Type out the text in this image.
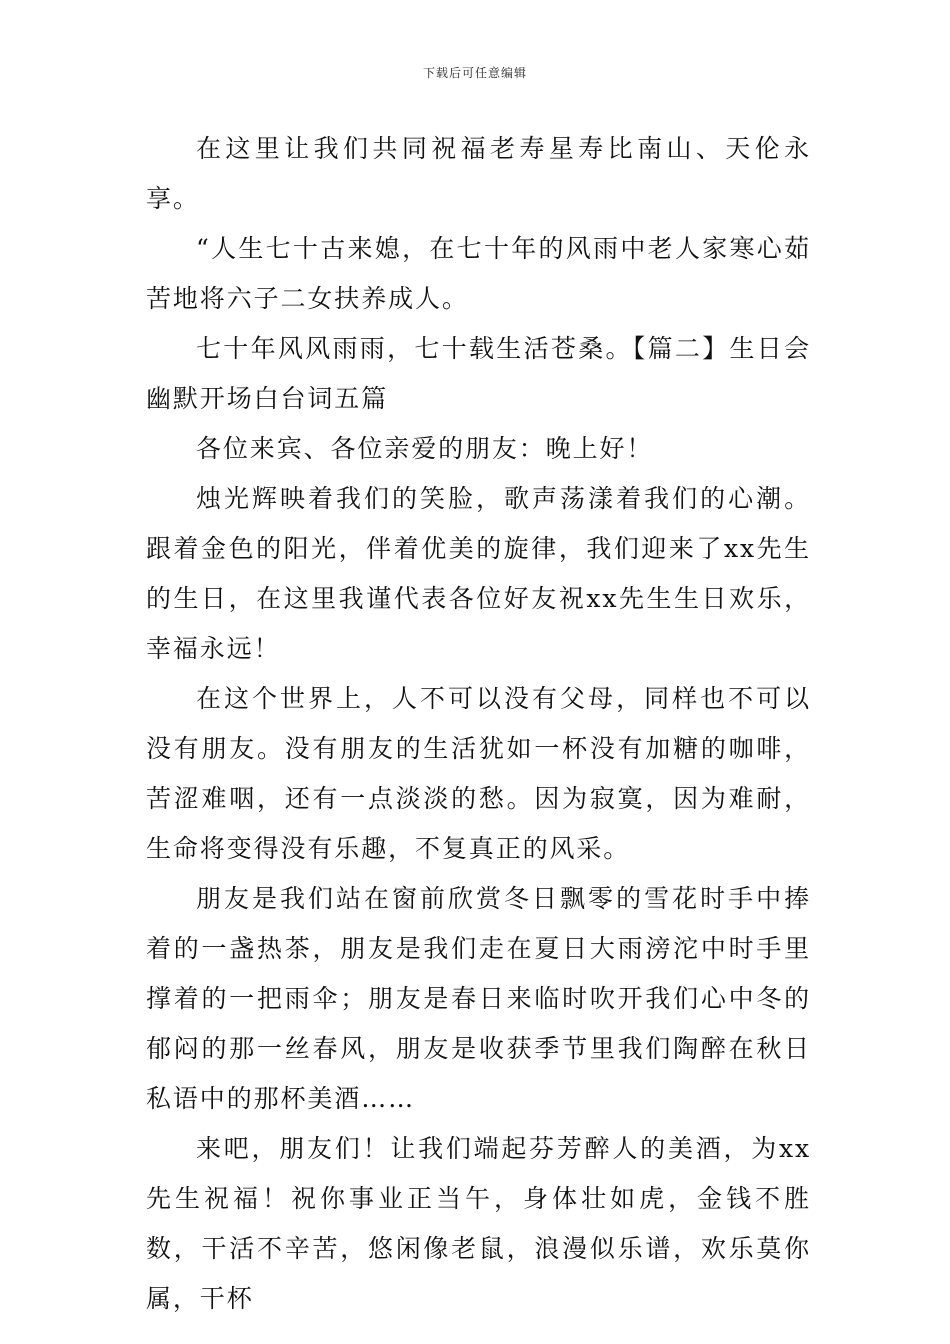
下载后可任意编辑

在这里让我们共同祝福老寿星寿比南山、天伦永享。

“人生七十古来媳，在七十年的风雨中老人家寒心茹苦地将六子二女扶养成人。

七十年风风雨雨，七十载生活苍桑。【篇二】生日会幽默开场白台词五篇

各位来宾、各位亲爱的朋友：晚上好！

烛光辉映着我们的笑脸，歌声荡漾着我们的心潮。跟着金色的阳光，伴着优美的旋律，我们迎来了xx先生的生日，在这里我谨代表各位好友祝xx先生生日欢乐，幸福永远！

在这个世界上，人不可以没有父母，同样也不可以没有朋友。没有朋友的生活犹如一杯没有加糖的咖啡，苦涩难咽，还有一点淡淡的愁。因为寂寞，因为难耐，生命将变得没有乐趣，不复真正的风采。

朋友是我们站在窗前欣赏冬日飘零的雪花时手中捧着的一盏热茶，朋友是我们走在夏日大雨滂沱中时手里撑着的一把雨伞；朋友是春日来临时吹开我们心中冬的郁闷的那一丝春风，朋友是收获季节里我们陶醉在秋日私语中的那杯美酒……

来吧，朋友们！让我们端起芬芳醉人的美酒，为xx先生祝福！祝你事业正当午，身体壮如虎，金钱不胜数，干活不辛苦，悠闲像老鼠，浪漫似乐谱，欢乐莫你属，干杯
